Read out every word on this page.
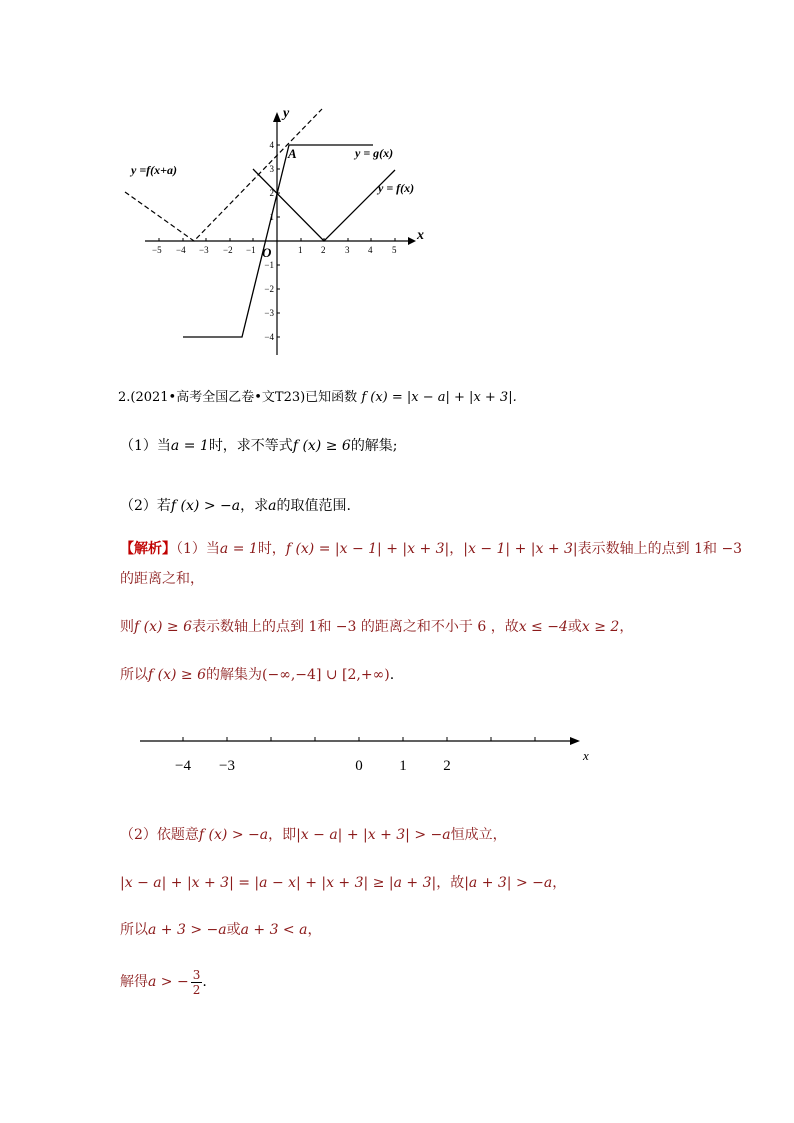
−5 −4 −3 −2 −1	1 2 3 4 5
4
3
2
1
−1
−2
−3
−4
y
x
O
A
y =f(x+a)
y = g(x)
y = f(x)
2.(2021•高考全国乙卷•文T23)已知函数 f (x) = |x − a| + |x + 3|.
（1）当a = 1时，求不等式f (x) ≥ 6的解集;
（2）若f (x) > −a，求a的取值范围.
【解析】（1）当a = 1时，f (x) = |x − 1| + |x + 3|，|x − 1| + |x + 3|表示数轴上的点到 1和 −3
的距离之和，
则f (x) ≥ 6表示数轴上的点到 1和 −3 的距离之和不小于 6 ，故x ≤ −4或x ≥ 2，
所以f (x) ≥ 6的解集为(−∞,−4] ∪ [2,+∞).
−4 −3	0 1 2
x
（2）依题意f (x) > −a，即|x − a| + |x + 3| > −a恒成立，
|x − a| + |x + 3| = |a − x| + |x + 3| ≥ |a + 3|，故|a + 3| > −a，
所以a + 3 > −a或a + 3 < a，
解得a > − $\frac{3}{2}$ .
